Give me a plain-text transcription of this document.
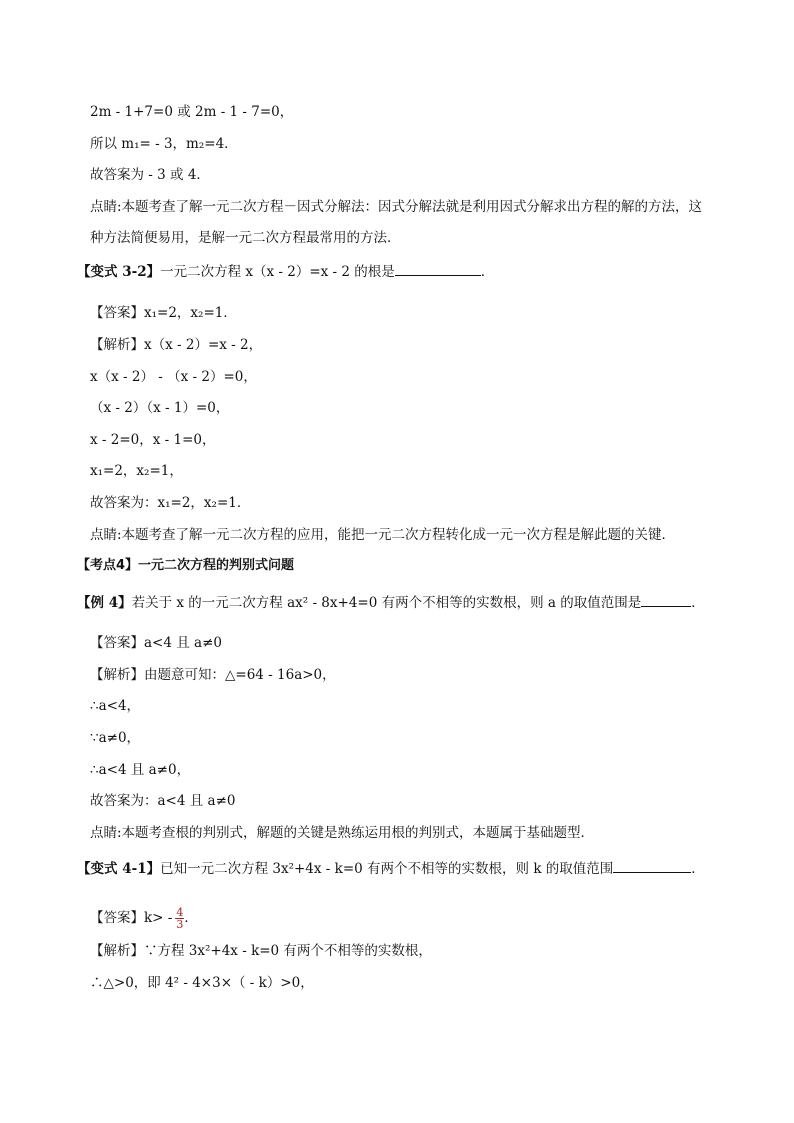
2m - 1+7=0 或 2m - 1 - 7=0，
所以 m₁= - 3，m₂=4．
故答案为 - 3 或 4．
点睛:本题考查了解一元二次方程－因式分解法：因式分解法就是利用因式分解求出方程的解的方法，这
种方法简便易用，是解一元二次方程最常用的方法．
【变式 3-2】一元二次方程 x（x - 2）=x - 2 的根是	．
【答案】x₁=2，x₂=1．
【解析】x（x - 2）=x - 2，
x（x - 2） - （x - 2）=0，
（x - 2）（x - 1）=0，
x - 2=0，x - 1=0，
x₁=2，x₂=1，
故答案为：x₁=2，x₂=1．
点睛:本题考查了解一元二次方程的应用，能把一元二次方程转化成一元一次方程是解此题的关键．
【考点4】一元二次方程的判别式问题
【例 4】若关于 x 的一元二次方程 ax² - 8x+4=0 有两个不相等的实数根，则 a 的取值范围是	．
【答案】a<4 且 a≠0
【解析】由题意可知：△=64 - 16a>0，
∴a<4，
∵a≠0，
∴a<4 且 a≠0，
故答案为：a<4 且 a≠0
点睛:本题考查根的判别式，解题的关键是熟练运用根的判别式，本题属于基础题型．
【变式 4-1】已知一元二次方程 3x²+4x - k=0 有两个不相等的实数根，则 k 的取值范围	．
【答案】$k> - \frac{4}{3}$ ．
【解析】∵方程 3x²+4x - k=0 有两个不相等的实数根，
∴△>0，即 4² - 4×3×（ - k）>0，
